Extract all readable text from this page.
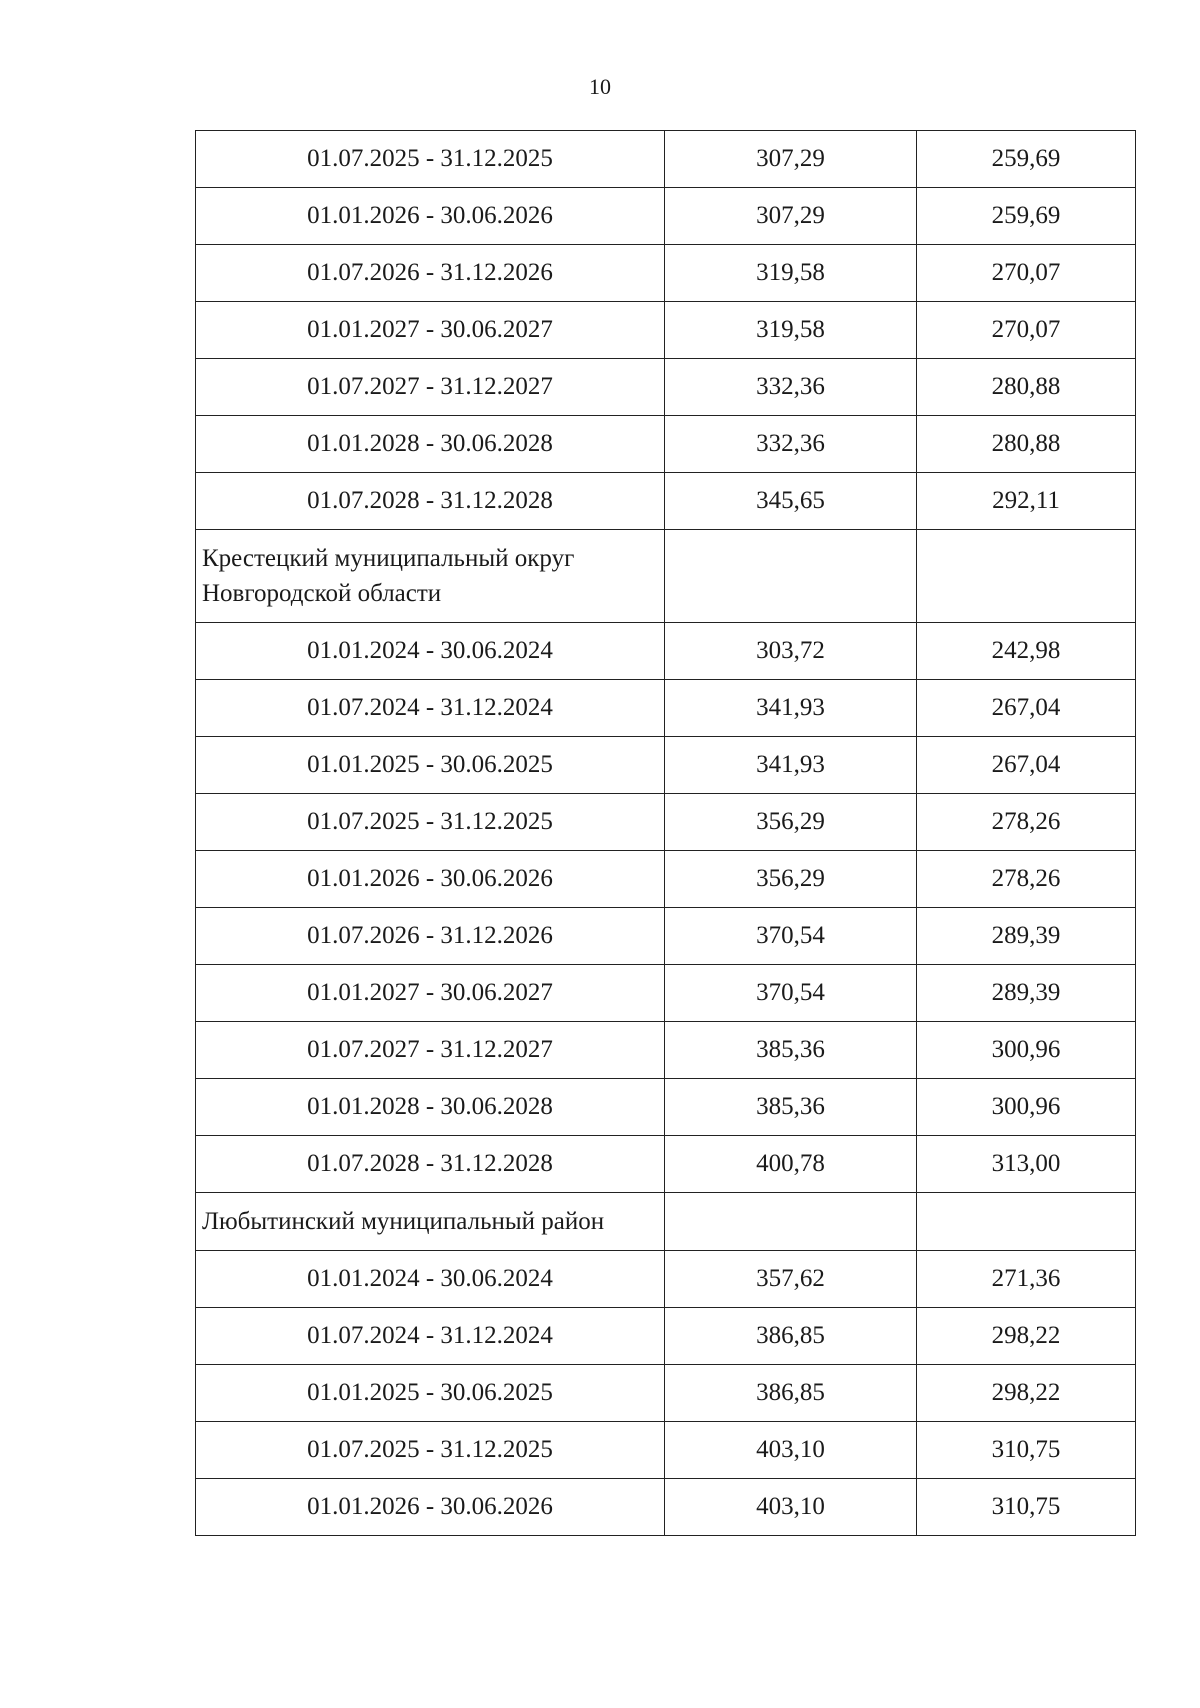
10
01.07.2025 - 31.12.2025	307,29	259,69
01.01.2026 - 30.06.2026	307,29	259,69
01.07.2026 - 31.12.2026	319,58	270,07
01.01.2027 - 30.06.2027	319,58	270,07
01.07.2027 - 31.12.2027	332,36	280,88
01.01.2028 - 30.06.2028	332,36	280,88
01.07.2028 - 31.12.2028	345,65	292,11
Крестецкий муниципальный округ
Новгородской области		
01.01.2024 - 30.06.2024	303,72	242,98
01.07.2024 - 31.12.2024	341,93	267,04
01.01.2025 - 30.06.2025	341,93	267,04
01.07.2025 - 31.12.2025	356,29	278,26
01.01.2026 - 30.06.2026	356,29	278,26
01.07.2026 - 31.12.2026	370,54	289,39
01.01.2027 - 30.06.2027	370,54	289,39
01.07.2027 - 31.12.2027	385,36	300,96
01.01.2028 - 30.06.2028	385,36	300,96
01.07.2028 - 31.12.2028	400,78	313,00
Любытинский муниципальный район		
01.01.2024 - 30.06.2024	357,62	271,36
01.07.2024 - 31.12.2024	386,85	298,22
01.01.2025 - 30.06.2025	386,85	298,22
01.07.2025 - 31.12.2025	403,10	310,75
01.01.2026 - 30.06.2026	403,10	310,75
